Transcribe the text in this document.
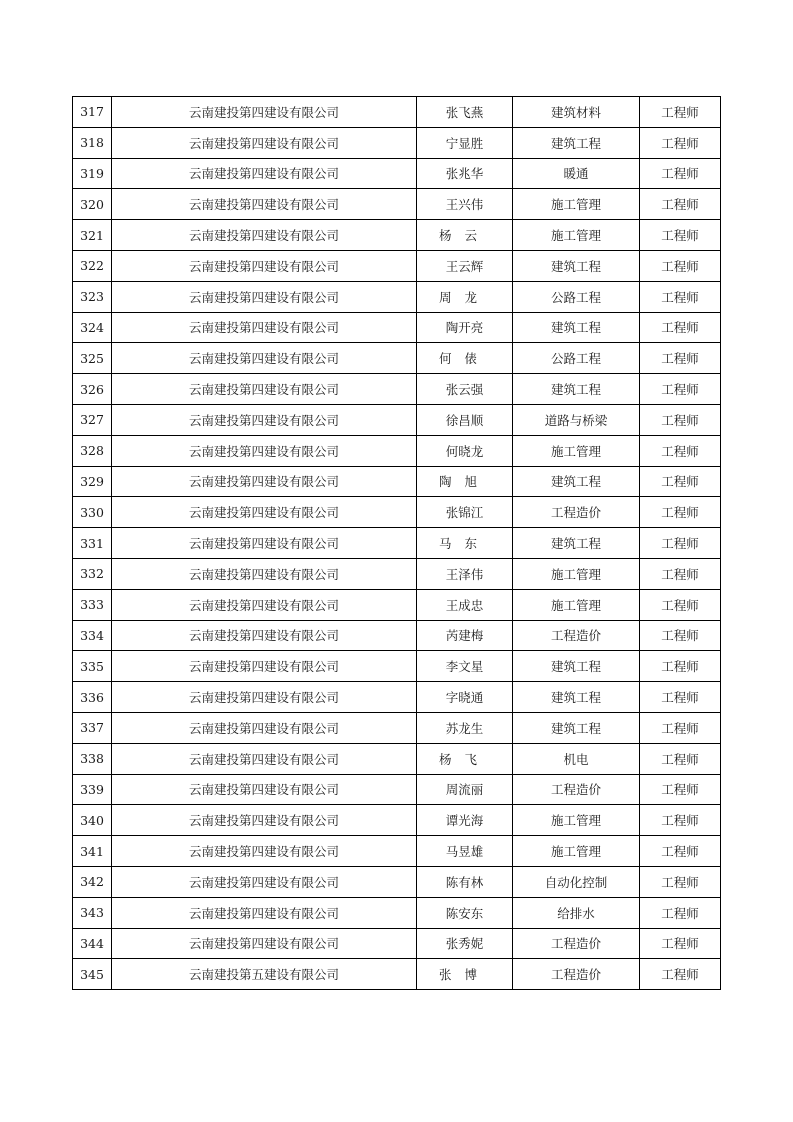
317	云南建投第四建设有限公司	张飞燕	建筑材料	工程师
318	云南建投第四建设有限公司	宁显胜	建筑工程	工程师
319	云南建投第四建设有限公司	张兆华	暖通	工程师
320	云南建投第四建设有限公司	王兴伟	施工管理	工程师
321	云南建投第四建设有限公司	杨云	施工管理	工程师
322	云南建投第四建设有限公司	王云辉	建筑工程	工程师
323	云南建投第四建设有限公司	周龙	公路工程	工程师
324	云南建投第四建设有限公司	陶开亮	建筑工程	工程师
325	云南建投第四建设有限公司	何俵	公路工程	工程师
326	云南建投第四建设有限公司	张云强	建筑工程	工程师
327	云南建投第四建设有限公司	徐昌顺	道路与桥梁	工程师
328	云南建投第四建设有限公司	何晓龙	施工管理	工程师
329	云南建投第四建设有限公司	陶旭	建筑工程	工程师
330	云南建投第四建设有限公司	张锦江	工程造价	工程师
331	云南建投第四建设有限公司	马东	建筑工程	工程师
332	云南建投第四建设有限公司	王泽伟	施工管理	工程师
333	云南建投第四建设有限公司	王成忠	施工管理	工程师
334	云南建投第四建设有限公司	芮建梅	工程造价	工程师
335	云南建投第四建设有限公司	李文星	建筑工程	工程师
336	云南建投第四建设有限公司	字晓通	建筑工程	工程师
337	云南建投第四建设有限公司	苏龙生	建筑工程	工程师
338	云南建投第四建设有限公司	杨飞	机电	工程师
339	云南建投第四建设有限公司	周流丽	工程造价	工程师
340	云南建投第四建设有限公司	谭光海	施工管理	工程师
341	云南建投第四建设有限公司	马昱雄	施工管理	工程师
342	云南建投第四建设有限公司	陈有林	自动化控制	工程师
343	云南建投第四建设有限公司	陈安东	给排水	工程师
344	云南建投第四建设有限公司	张秀妮	工程造价	工程师
345	云南建投第五建设有限公司	张博	工程造价	工程师
